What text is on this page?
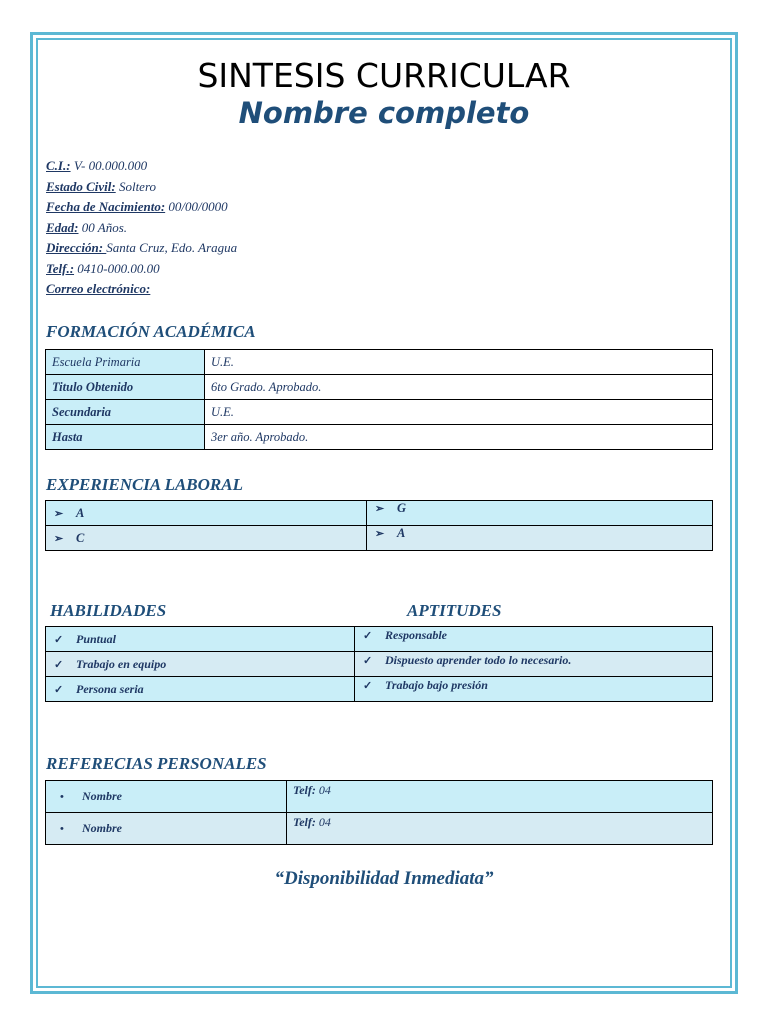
SINTESIS CURRICULAR
Nombre completo
C.I.: V- 00.000.000
Estado Civil: Soltero
Fecha de Nacimiento: 00/00/0000
Edad: 00 Años.
Dirección: Santa Cruz, Edo. Aragua
Telf.: 0410-000.00.00
Correo electrónico:
FORMACIÓN ACADÉMICA
Escuela Primaria	U.E.
Titulo Obtenido	6to Grado. Aprobado.
Secundaria	U.E.
Hasta	3er año. Aprobado.
EXPERIENCIA LABORAL
➢ A	➢ G
➢ C	➢ A
HABILIDADES	APTITUDES
✓ Puntual	✓ Responsable
✓ Trabajo en equipo	✓ Dispuesto aprender todo lo necesario.
✓ Persona seria	✓ Trabajo bajo presión
REFERECIAS PERSONALES
• Nombre	Telf: 04
• Nombre	Telf: 04
“Disponibilidad Inmediata”
